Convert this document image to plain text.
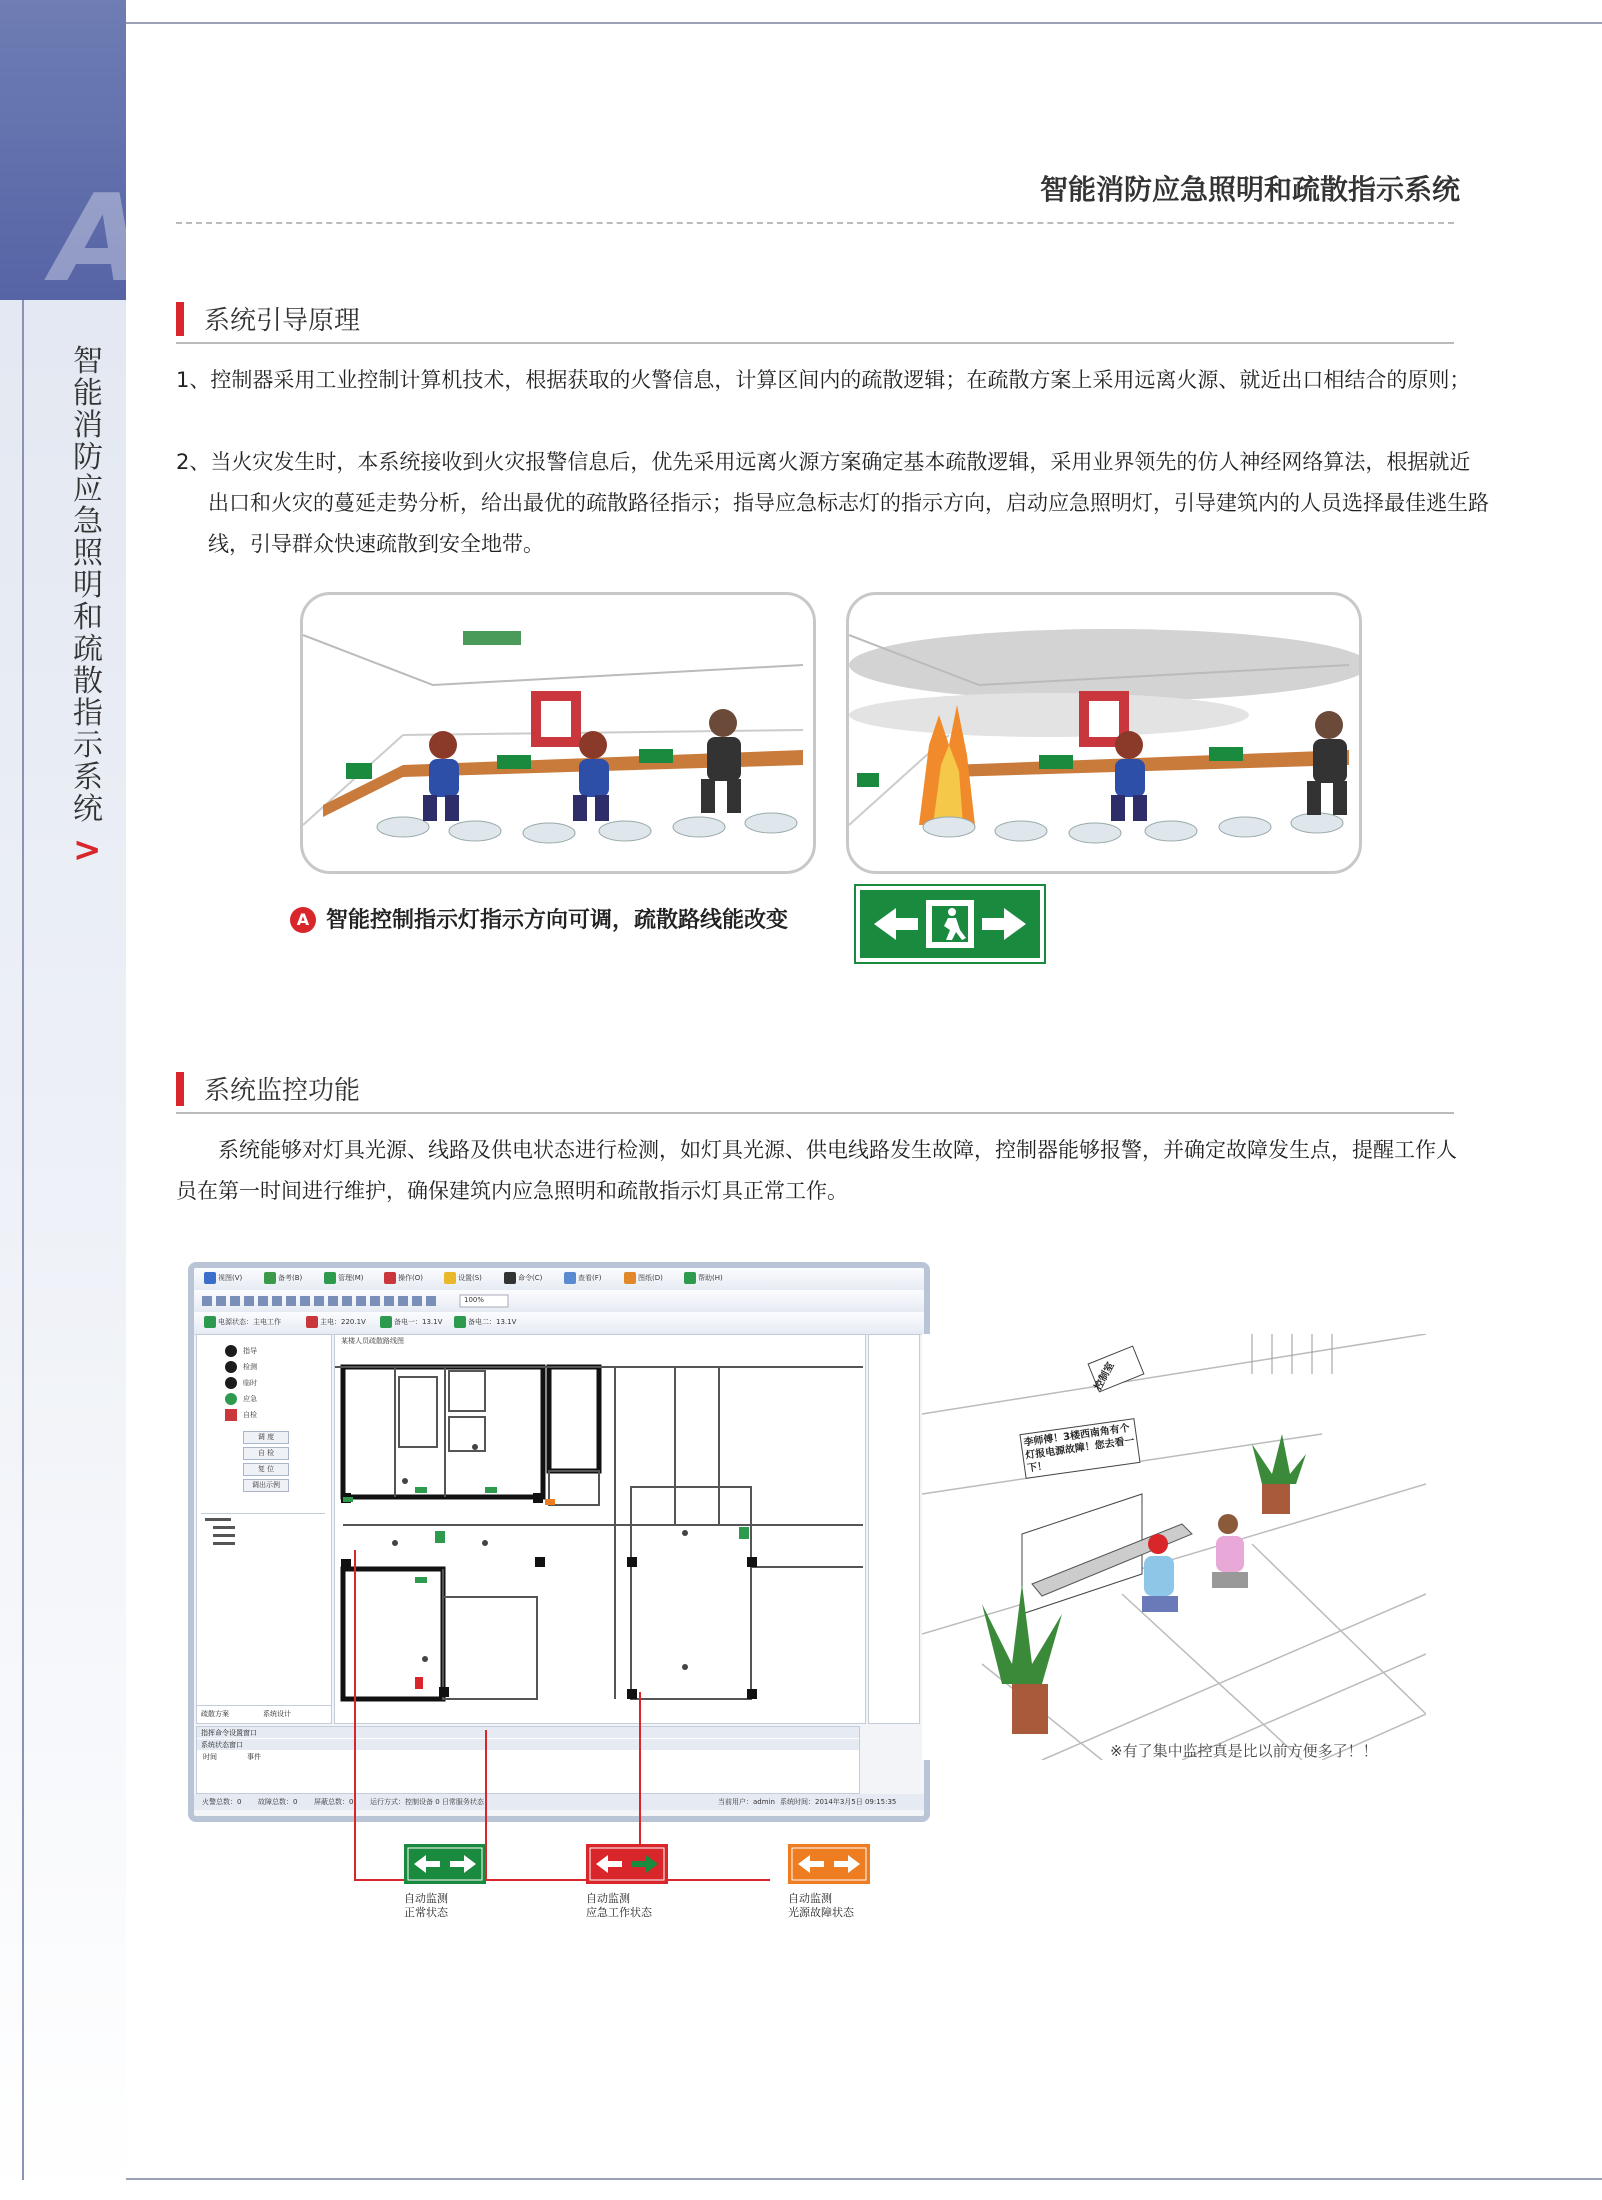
A
智能消防应急照明和疏散指示系统
>
智能消防应急照明和疏散指示系统
系统引导原理
1、控制器采用工业控制计算机技术，根据获取的火警信息，计算区间内的疏散逻辑；在疏散方案上采用远离火源、就近出口相结合的原则；
2、当火灾发生时，本系统接收到火灾报警信息后，优先采用远离火源方案确定基本疏散逻辑，采用业界领先的仿人神经网络算法，根据就近出口和火灾的蔓延走势分析，给出最优的疏散路径指示；指导应急标志灯的指示方向，启动应急照明灯，引导建筑内的人员选择最佳逃生路线，引导群众快速疏散到安全地带。
A 智能控制指示灯指示方向可调，疏散路线能改变
系统监控功能
系统能够对灯具光源、线路及供电状态进行检测，如灯具光源、供电线路发生故障，控制器能够报警，并确定故障发生点，提醒工作人员在第一时间进行维护，确保建筑内应急照明和疏散指示灯具正常工作。
视图(V)	备考(B)	管理(M)	操作(O)	设置(S)	命令(C)	查看(F)	图纸(D)	帮助(H)
100%
电源状态：主电工作	主电：220.1V	备电一：13.1V	备电二：13.1V
指导
检测
临时
应急
自检
调 度
自 检
复 位
调出示例
疏散方案	系统设计
某楼人员疏散路线图
指挥命令设置窗口
系统状态窗口
时间	事件
火警总数：0 故障总数：0 屏蔽总数：0 运行方式：控制设备 0 日常服务状态	当前用户：admin 系统时间：2014年3月5日 09:15:35
自动监测
正常状态
自动监测
应急工作状态
自动监测
光源故障状态
控制室
李师傅！3楼西南角有个灯报电源故障！您去看一下！
※有了集中监控真是比以前方便多了！！
